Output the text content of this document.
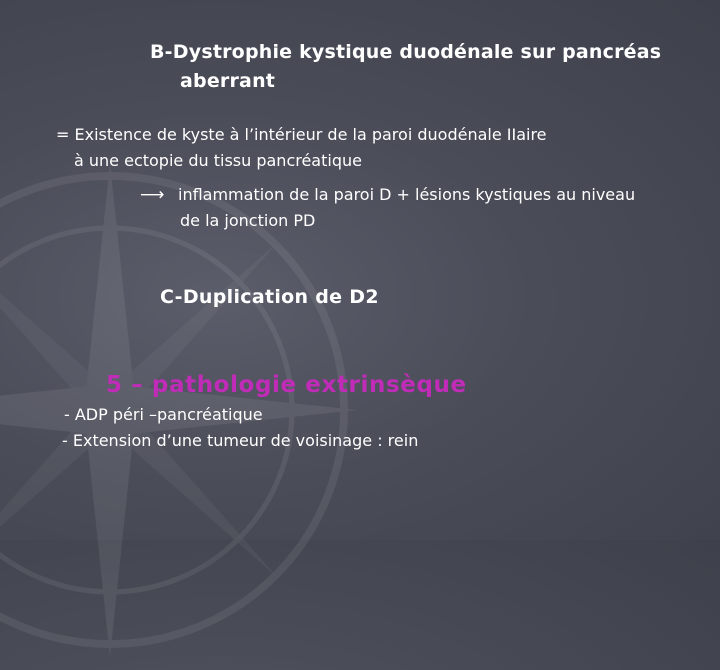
B-Dystrophie kystique duodénale sur pancréas
aberrant

= Existence de kyste à l’intérieur de la paroi duodénale IIaire
à une ectopie du tissu pancréatique

⟶ inflammation de la paroi D + lésions kystiques au niveau
de la jonction PD

C-Duplication de D2
5 – pathologie extrinsèque
- ADP péri –pancréatique
- Extension d’une tumeur de voisinage : rein
